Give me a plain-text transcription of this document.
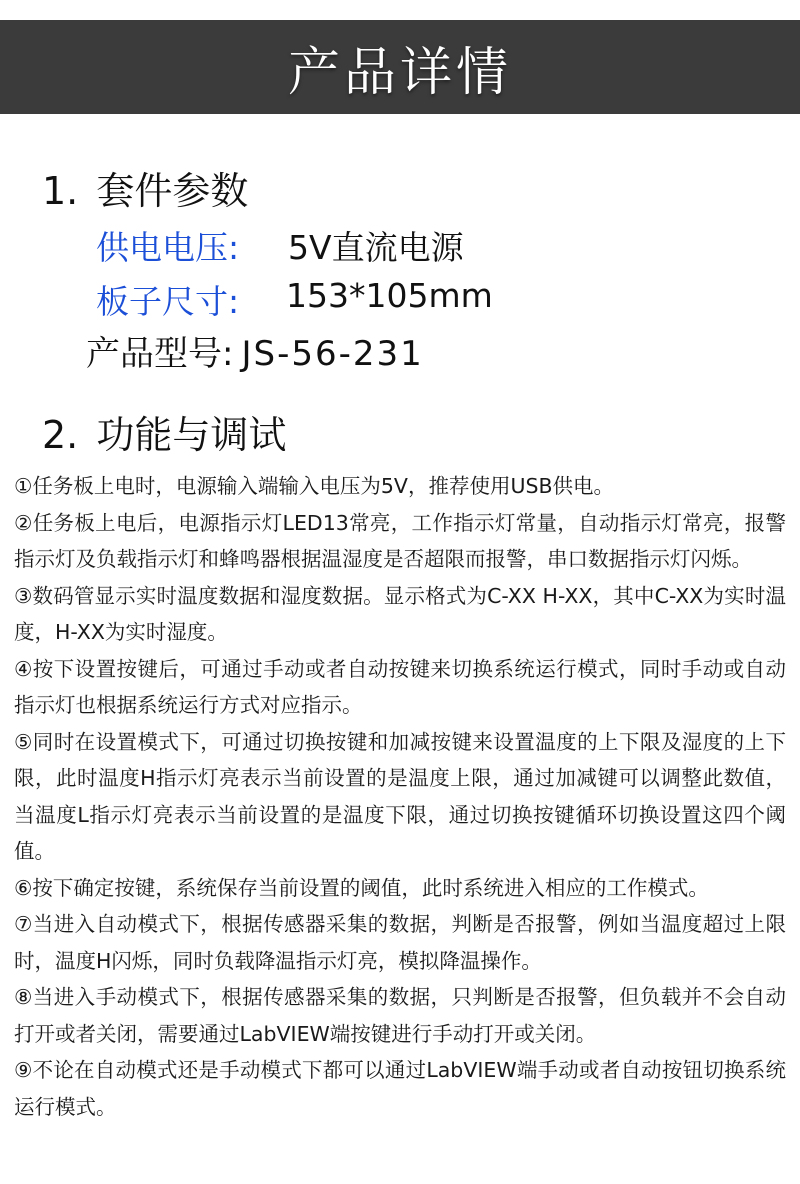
产品详情
1. 套件参数
供电电压: 5V直流电源
板子尺寸: 153*105mm
产品型号: JS-56-231
2. 功能与调试
①任务板上电时，电源输入端输入电压为5V，推荐使用USB供电。
②任务板上电后，电源指示灯LED13常亮，工作指示灯常量，自动指示灯常亮，报警指示灯及负载指示灯和蜂鸣器根据温湿度是否超限而报警，串口数据指示灯闪烁。
③数码管显示实时温度数据和湿度数据。显示格式为C-XX H-XX，其中C-XX为实时温度，H-XX为实时湿度。
④按下设置按键后，可通过手动或者自动按键来切换系统运行模式，同时手动或自动指示灯也根据系统运行方式对应指示。
⑤同时在设置模式下，可通过切换按键和加减按键来设置温度的上下限及湿度的上下限，此时温度H指示灯亮表示当前设置的是温度上限，通过加减键可以调整此数值，当温度L指示灯亮表示当前设置的是温度下限，通过切换按键循环切换设置这四个阈值。
⑥按下确定按键，系统保存当前设置的阈值，此时系统进入相应的工作模式。
⑦当进入自动模式下，根据传感器采集的数据，判断是否报警，例如当温度超过上限时，温度H闪烁，同时负载降温指示灯亮，模拟降温操作。
⑧当进入手动模式下，根据传感器采集的数据，只判断是否报警，但负载并不会自动打开或者关闭，需要通过LabVIEW端按键进行手动打开或关闭。
⑨不论在自动模式还是手动模式下都可以通过LabVIEW端手动或者自动按钮切换系统运行模式。
